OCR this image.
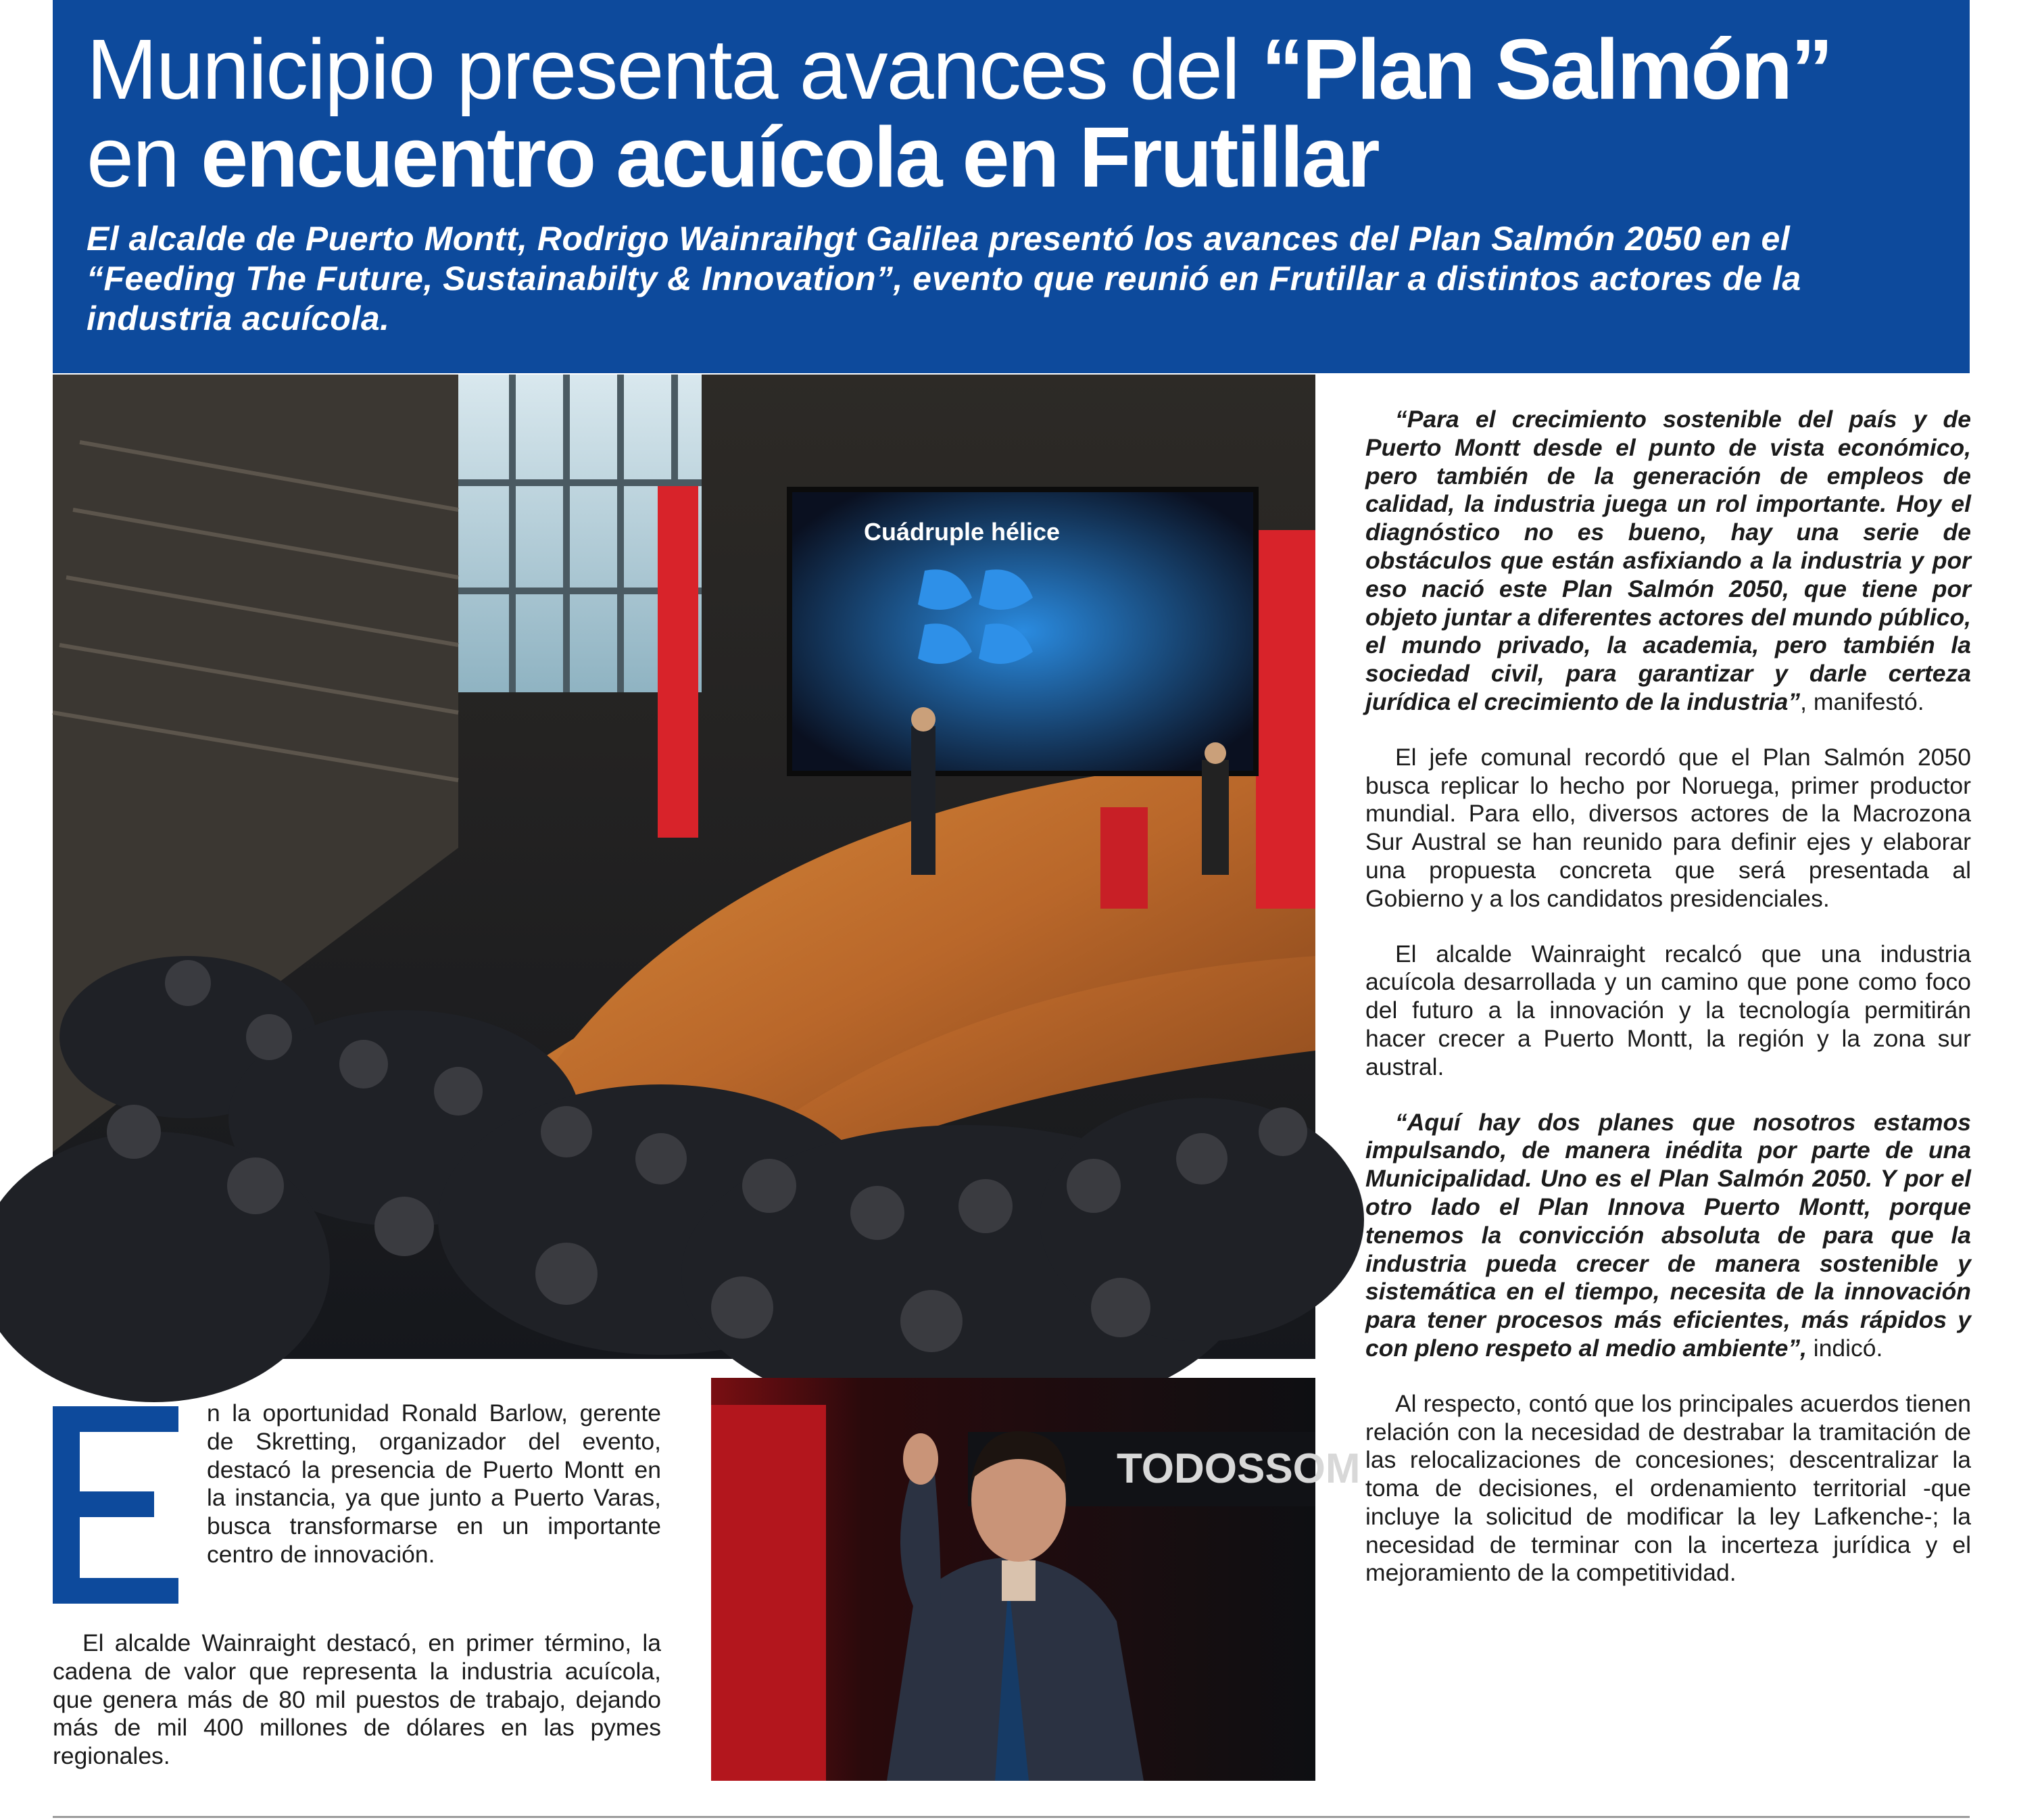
Municipio presenta avances del “Plan Salmón” en encuentro acuícola en Frutillar
El alcalde de Puerto Montt, Rodrigo Wainraihgt Galilea presentó los avances del Plan Salmón 2050 en el “Feeding The Future, Sustainabilty & Innovation”, evento que reunió en Frutillar a distintos actores de la industria acuícola.
Cuádruple hélice

“Para el crecimiento sostenible del país y de Puerto Montt desde el punto de vista económico, pero también de la generación de empleos de calidad, la industria juega un rol importante. Hoy el diagnóstico no es bueno, hay una serie de obstáculos que están asfixiando a la industria y por eso nació este Plan Salmón 2050, que tiene por objeto juntar a diferentes actores del mundo público, el mundo privado, la academia, pero también la sociedad civil, para garantizar y darle certeza jurídica el crecimiento de la industria”, manifestó.

El jefe comunal recordó que el Plan Salmón 2050 busca replicar lo hecho por Noruega, primer productor mundial. Para ello, diversos actores de la Macrozona Sur Austral se han reunido para definir ejes y elaborar una propuesta concreta que será presentada al Gobierno y a los candidatos presidenciales.

El alcalde Wainraight recalcó que una industria acuícola desarrollada y un camino que pone como foco del futuro a la innovación y la tecnología permitirán hacer crecer a Puerto Montt, la región y la zona sur austral.

“Aquí hay dos planes que nosotros estamos impulsando, de manera inédita por parte de una Municipalidad. Uno es el Plan Salmón 2050. Y por el otro lado el Plan Innova Puerto Montt, porque tenemos la convicción absoluta de para que la industria pueda crecer de manera sostenible y sistemática en el tiempo, necesita de la innovación para tener procesos más eficientes, más rápidos y con pleno respeto al medio ambiente”, indicó.

Al respecto, contó que los principales acuerdos tienen relación con la necesidad de destrabar la tramitación de las relocalizaciones de concesiones; descentralizar la toma de decisiones, el ordenamiento territorial -que incluye la solicitud de modificar la ley Lafkenche-; la necesidad de terminar con la incerteza jurídica y el mejoramiento de la competitividad.

n la oportunidad Ronald Barlow, gerente de Skretting, organizador del evento, destacó la presencia de Puerto Montt en la instancia, ya que junto a Puerto Varas, busca transformarse en un importante centro de innovación.

El alcalde Wainraight destacó, en primer término, la cadena de valor que representa la industria acuícola, que genera más de 80 mil puestos de trabajo, dejando más de mil 400 millones de dólares en las pymes regionales.

TODOSSOM
